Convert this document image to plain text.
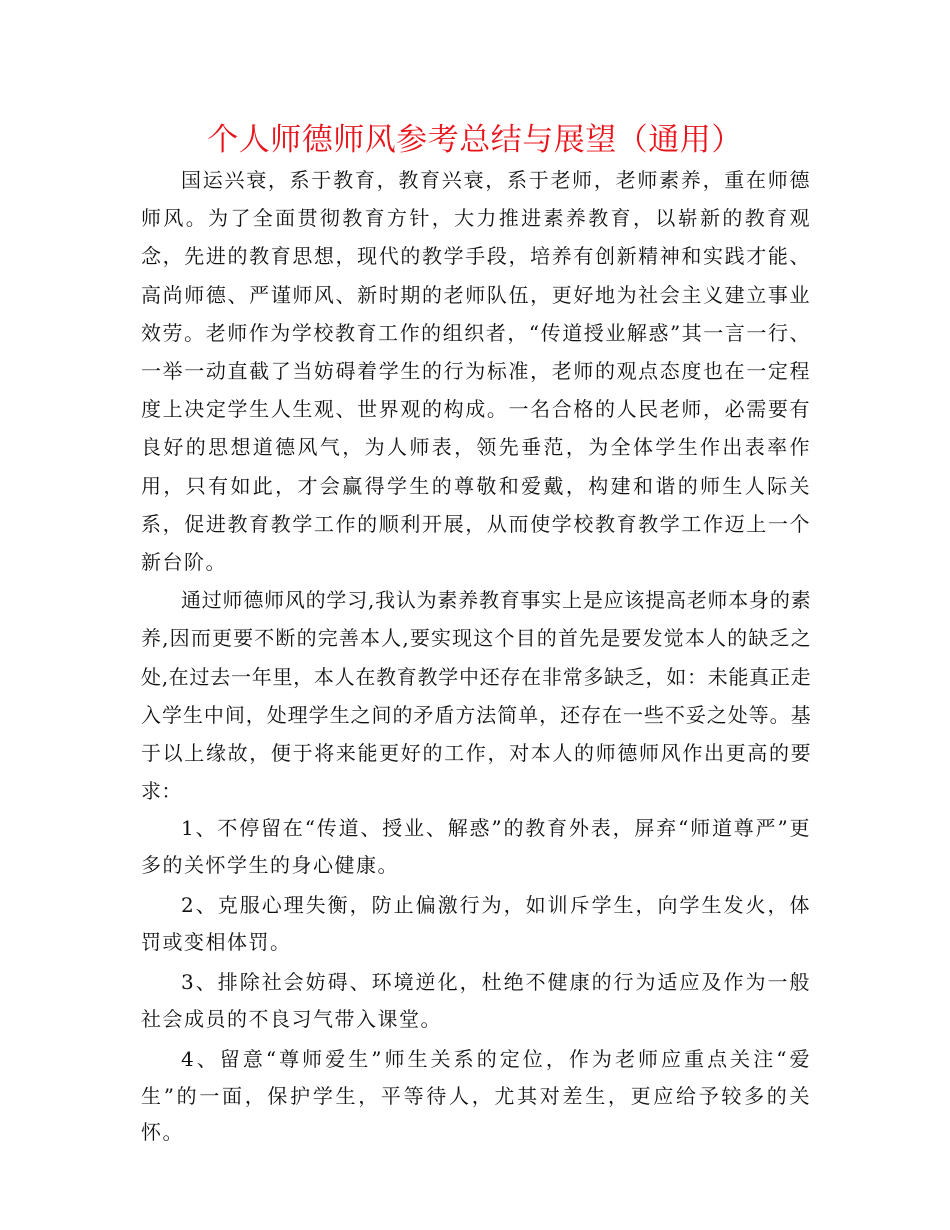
个人师德师风参考总结与展望（通用）

国运兴衰，系于教育，教育兴衰，系于老师，老师素养，重在师德师风。为了全面贯彻教育方针，大力推进素养教育，以崭新的教育观念，先进的教育思想，现代的教学手段，培养有创新精神和实践才能、高尚师德、严谨师风、新时期的老师队伍，更好地为社会主义建立事业效劳。老师作为学校教育工作的组织者，“传道授业解惑”其一言一行、一举一动直截了当妨碍着学生的行为标准，老师的观点态度也在一定程度上决定学生人生观、世界观的构成。一名合格的人民老师，必需要有良好的思想道德风气，为人师表，领先垂范，为全体学生作出表率作用，只有如此，才会赢得学生的尊敬和爱戴，构建和谐的师生人际关系，促进教育教学工作的顺利开展，从而使学校教育教学工作迈上一个新台阶。

通过师德师风的学习,我认为素养教育事实上是应该提高老师本身的素养,因而更要不断的完善本人,要实现这个目的首先是要发觉本人的缺乏之处,在过去一年里，本人在教育教学中还存在非常多缺乏，如：未能真正走入学生中间，处理学生之间的矛盾方法简单，还存在一些不妥之处等。基于以上缘故，便于将来能更好的工作，对本人的师德师风作出更高的要求：

1、不停留在“传道、授业、解惑”的教育外表，屏弃“师道尊严”更多的关怀学生的身心健康。

2、克服心理失衡，防止偏激行为，如训斥学生，向学生发火，体罚或变相体罚。

3、排除社会妨碍、环境逆化，杜绝不健康的行为适应及作为一般社会成员的不良习气带入课堂。

4、留意“尊师爱生”师生关系的定位，作为老师应重点关注“爱生”的一面，保护学生，平等待人，尤其对差生，更应给予较多的关怀。
